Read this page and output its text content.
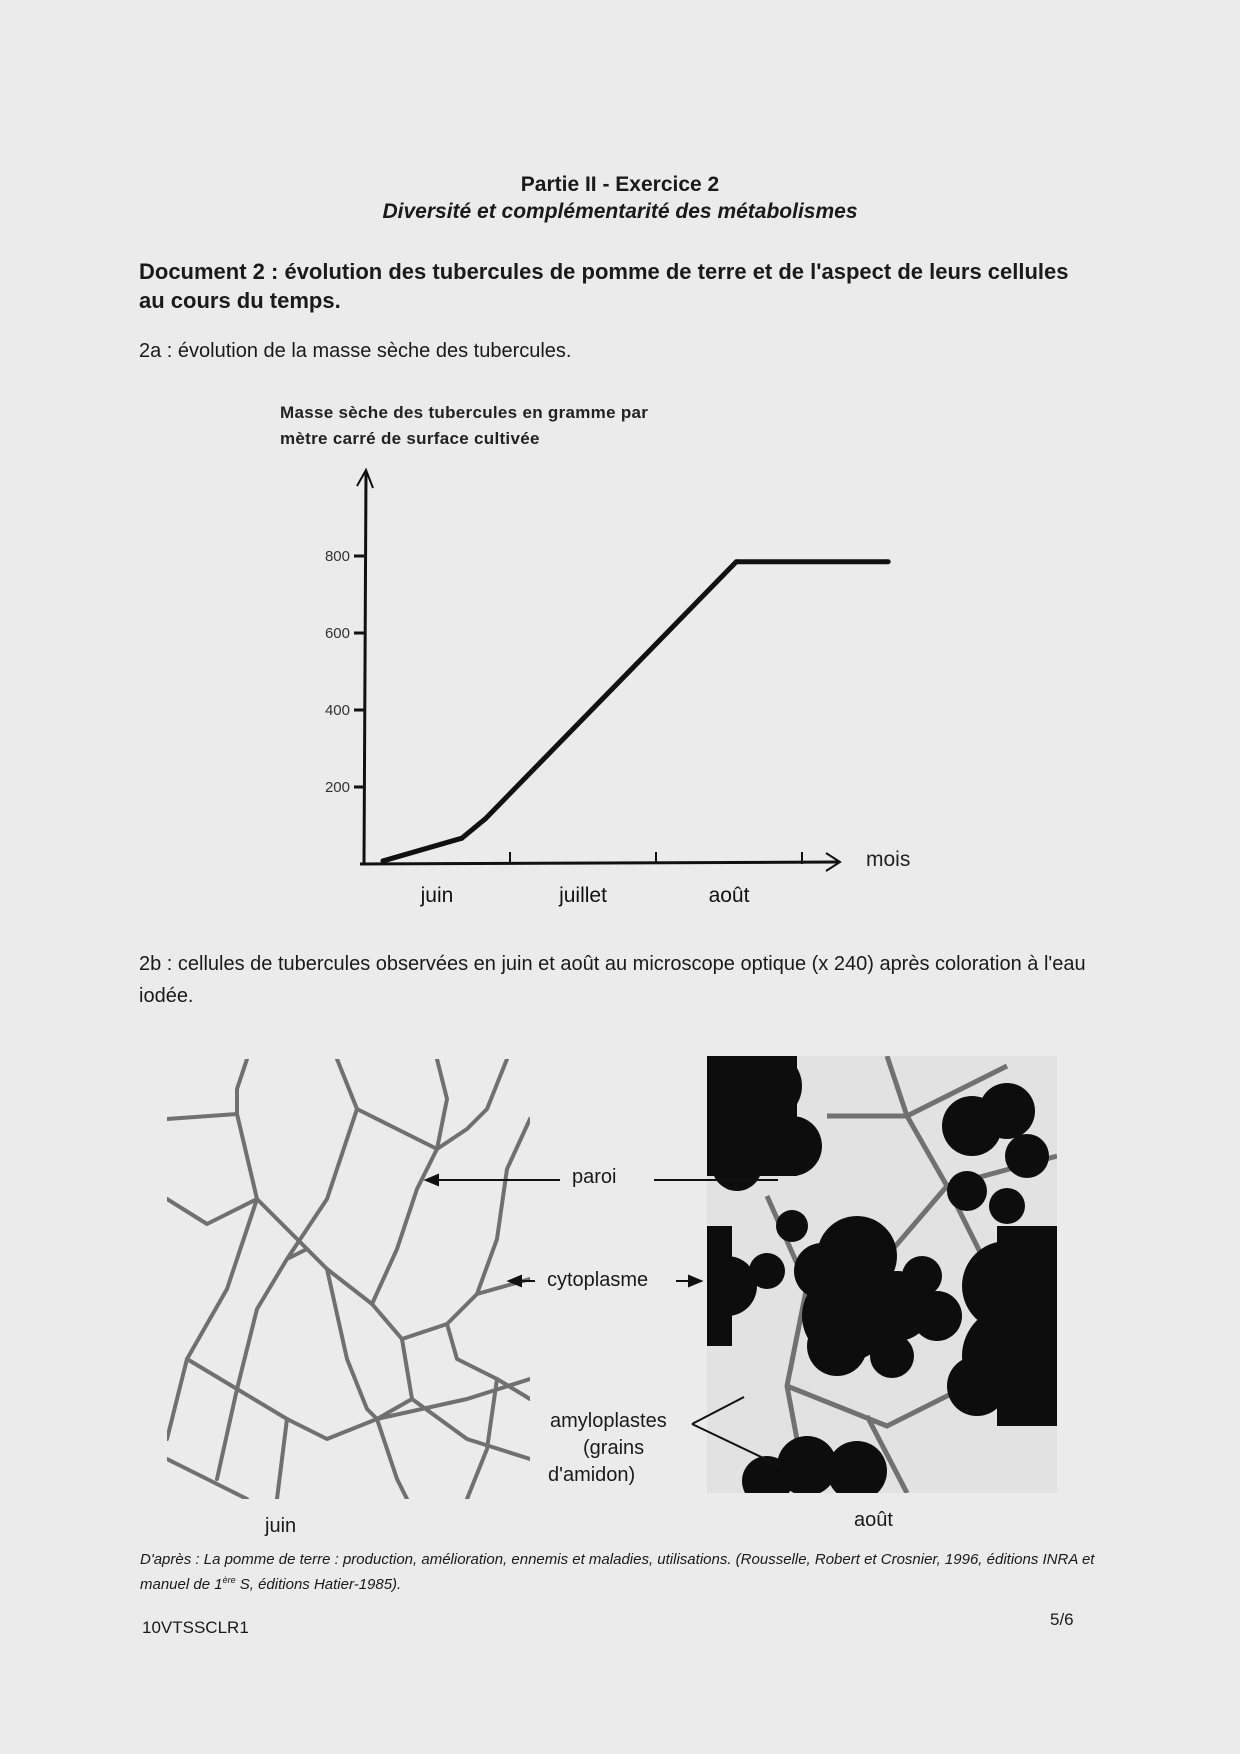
Partie II - Exercice 2
Diversité et complémentarité des métabolismes
Document 2 : évolution des tubercules de pomme de terre et de l'aspect de leurs cellules au cours du temps.
2a : évolution de la masse sèche des tubercules.
Masse sèche des tubercules en gramme par
mètre carré de surface cultivée
mois
juin	juillet	août
200
400
600
800
2b : cellules de tubercules observées en juin et août au microscope optique (x 240) après coloration à l'eau iodée.
paroi
cytoplasme
amyloplastes
(grains
d'amidon)
juin	août
D'après : La pomme de terre : production, amélioration, ennemis et maladies, utilisations. (Rousselle, Robert et Crosnier, 1996, éditions INRA et manuel de 1ère S, éditions Hatier-1985).
10VTSSCLR1	5/6
